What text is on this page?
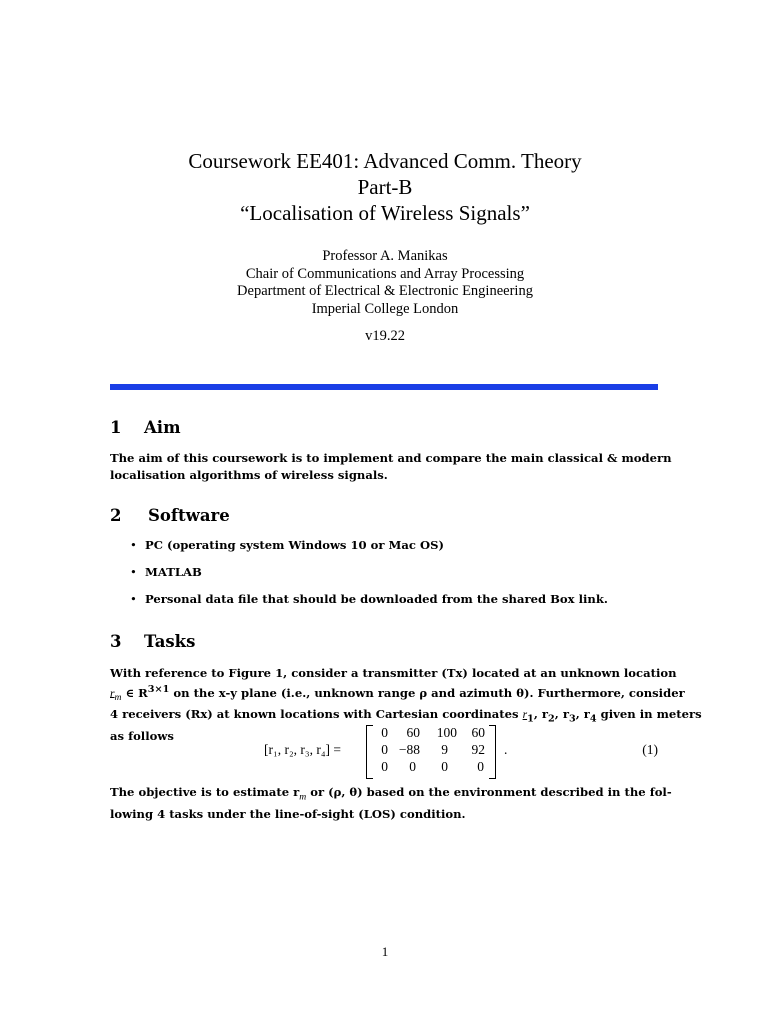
Coursework EE401: Advanced Comm. Theory
Part-B
“Localisation of Wireless Signals”
Professor A. Manikas
Chair of Communications and Array Processing
Department of Electrical & Electronic Engineering
Imperial College London
v19.22
1 Aim
The aim of this coursework is to implement and compare the main classical & modern
localisation algorithms of wireless signals.
2 Software
• PC (operating system Windows 10 or Mac OS)
• MATLAB
• Personal data file that should be downloaded from the shared Box link.
3 Tasks
With reference to Figure 1, consider a transmitter (Tx) located at an unknown location
$r_m$ ∈ $R^{3\times 1}$ on the x-y plane (i.e., unknown range ρ and azimuth θ). Furthermore, consider
4 receivers (Rx) at known locations with Cartesian coordinates $r_1$, $r_2$, $r_3$, $r_4$ given in meters
as follows
[r₁, r₂, r₃, r₄] =
0	60	100	60
0 −88	9	92
0	0	0	0
.	(1)
The objective is to estimate $r_m$ or (ρ, θ) based on the environment described in the fol-
lowing 4 tasks under the line-of-sight (LOS) condition.
1
